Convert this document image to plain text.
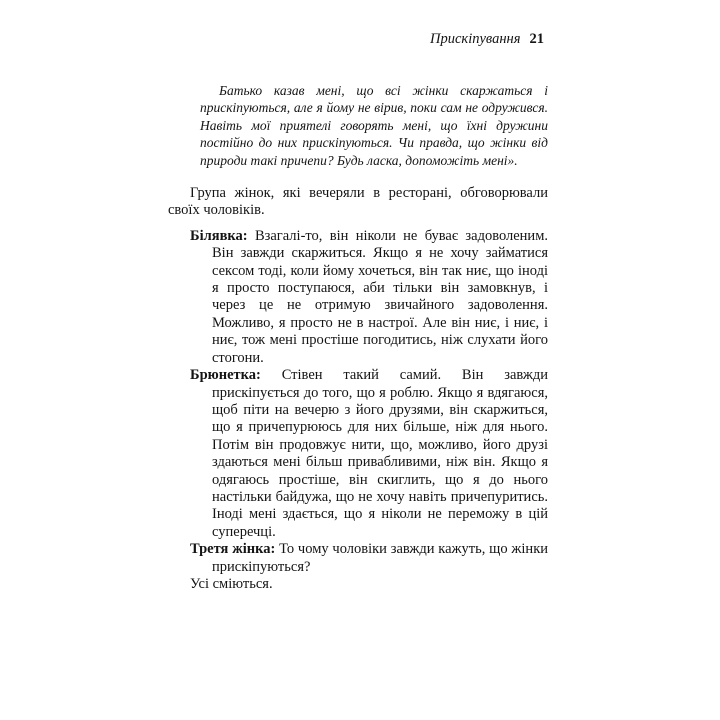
Прискіпування 21
Батько казав мені, що всі жінки скаржаться і прискіпуються, але я йому не вірив, поки сам не одружився. Навіть мої приятелі говорять мені, що їхні дружини постійно до них прискіпуються. Чи правда, що жінки від природи такі причепи? Будь ласка, допоможіть мені».

Група жінок, які вечеряли в ресторані, обговорювали своїх чоловіків.

Білявка: Взагалі-то, він ніколи не буває задоволеним. Він завжди скаржиться. Якщо я не хочу займатися сексом тоді, коли йому хочеться, він так ниє, що іноді я просто поступаюся, аби тільки він замовкнув, і через це не отримую звичайного задоволення. Можливо, я просто не в настрої. Але він ниє, і ниє, і ниє, тож мені простіше погодитись, ніж слухати його стогони.

Брюнетка: Стівен такий самий. Він завжди прискіпується до того, що я роблю. Якщо я вдягаюся, щоб піти на вечерю з його друзями, він скаржиться, що я причепурююсь для них більше, ніж для нього. Потім він продовжує нити, що, можливо, його друзі здаються мені більш привабливими, ніж він. Якщо я одягаюсь простіше, він скиглить, що я до нього настільки байдужа, що не хочу навіть причепуритись. Іноді мені здається, що я ніколи не переможу в цій суперечці.

Третя жінка: То чому чоловіки завжди кажуть, що жінки прискіпуються?

Усі сміються.
